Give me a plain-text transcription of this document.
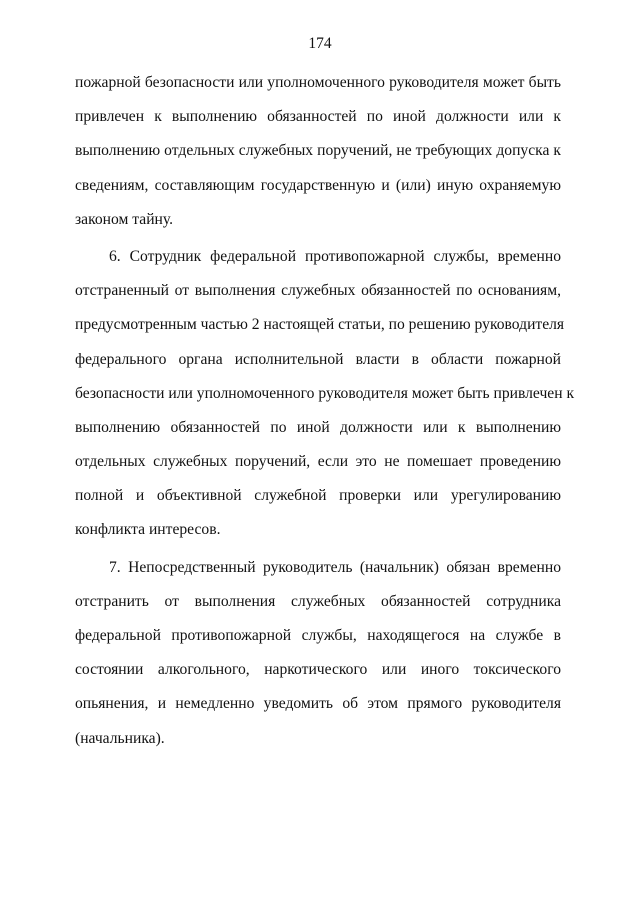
174
пожарной безопасности или уполномоченного руководителя может быть
привлечен к выполнению обязанностей по иной должности или к
выполнению отдельных служебных поручений, не требующих допуска к
сведениям, составляющим государственную и (или) иную охраняемую
законом тайну.
6. Сотрудник федеральной противопожарной службы, временно
отстраненный от выполнения служебных обязанностей по основаниям,
предусмотренным частью 2 настоящей статьи, по решению руководителя
федерального органа исполнительной власти в области пожарной
безопасности или уполномоченного руководителя может быть привлечен к
выполнению обязанностей по иной должности или к выполнению
отдельных служебных поручений, если это не помешает проведению
полной и объективной служебной проверки или урегулированию
конфликта интересов.
7. Непосредственный руководитель (начальник) обязан временно
отстранить от выполнения служебных обязанностей сотрудника
федеральной противопожарной службы, находящегося на службе в
состоянии алкогольного, наркотического или иного токсического
опьянения, и немедленно уведомить об этом прямого руководителя
(начальника).
